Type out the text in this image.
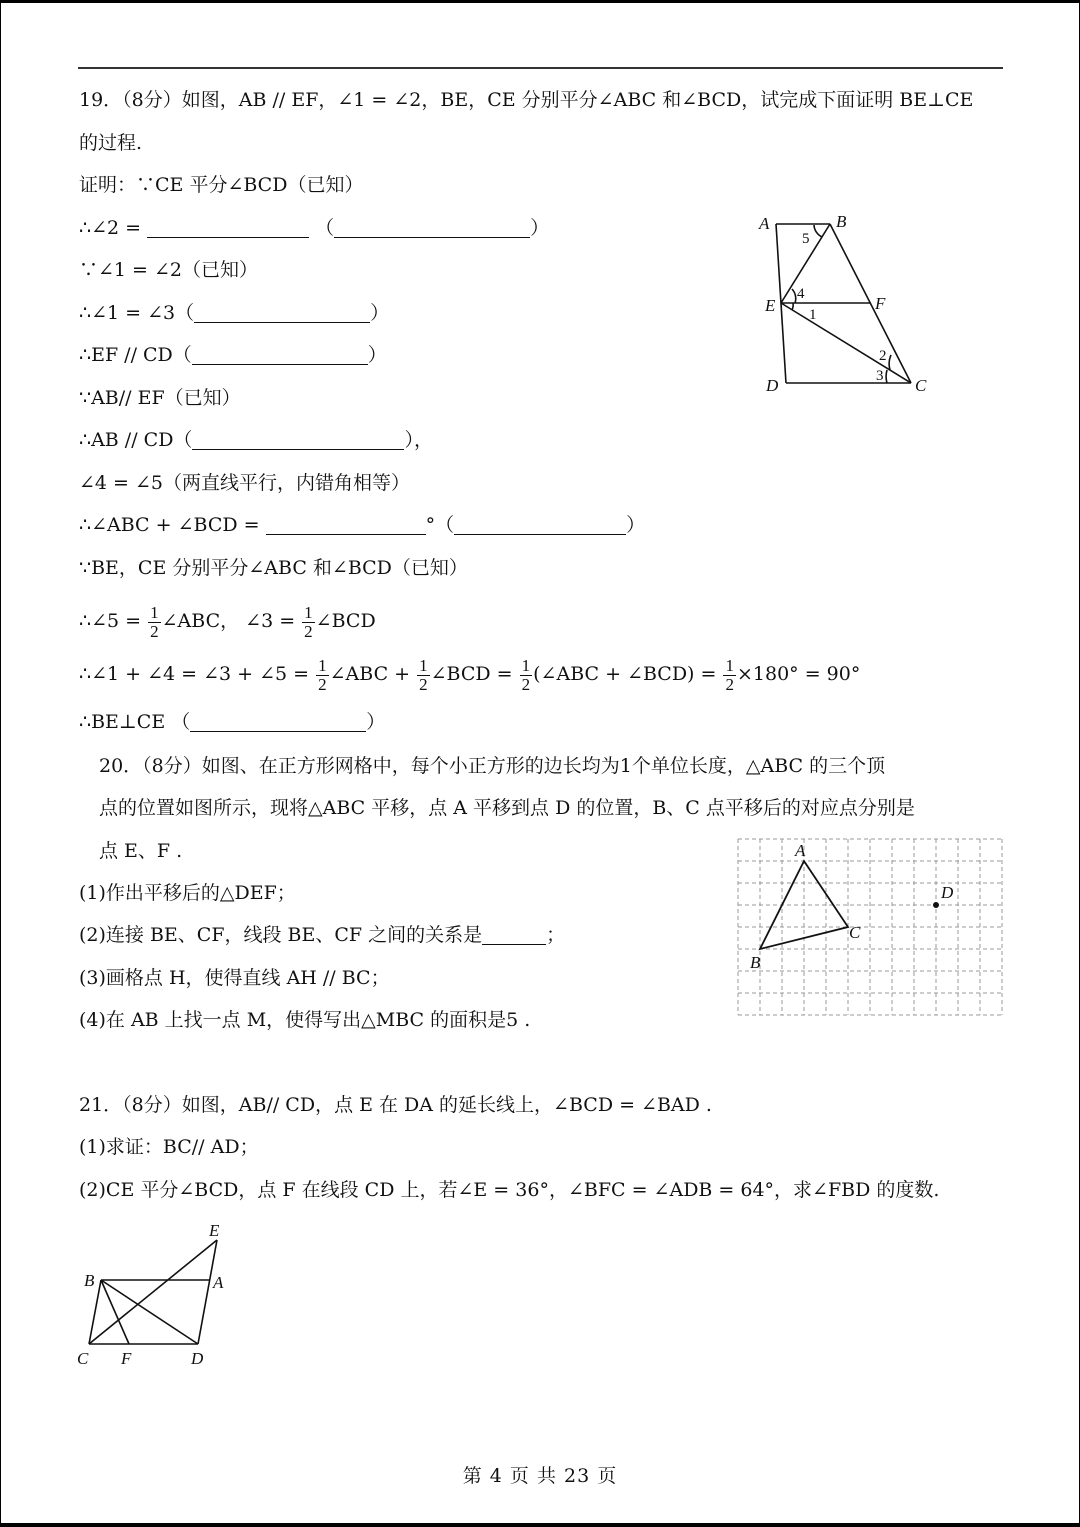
19．（8分）如图，AB // EF，∠1 = ∠2，BE，CE 分别平分∠ABC 和∠BCD，试完成下面证明 BE⊥CE
的过程.
证明：∵CE 平分∠BCD（已知）
∴∠2 =	（	）
∵∠1 = ∠2（已知）
∴∠1 = ∠3（	）
∴EF // CD（	）
∵AB// EF（已知）
∴AB // CD（	），
∠4 = ∠5（两直线平行，内错角相等）
∴∠ABC + ∠BCD =	°（	）
∵BE，CE 分别平分∠ABC 和∠BCD（已知）
∴∠5 = $\frac{1}{2}$ ∠ABC， ∠3 = $\frac{1}{2}$ ∠BCD
∴∠1 + ∠4 = ∠3 + ∠5 = $\frac{1}{2}$ ∠ABC + $\frac{1}{2}$ ∠BCD = $\frac{1}{2}$ (∠ABC + ∠BCD) = $\frac{1}{2} \times 180^\circ = 90^\circ$
∴BE⊥CE （	）
A	B
E	F
D	C
5
4
1
2
3
20．（8分）如图、在正方形网格中，每个小正方形的边长均为1个单位长度，△ABC 的三个顶
点的位置如图所示，现将△ABC 平移，点 A 平移到点 D 的位置，B、C 点平移后的对应点分别是
点 E、F .
(1)作出平移后的△DEF；
(2)连接 BE、CF，线段 BE、CF 之间的关系是	；
(3)画格点 H，使得直线 AH // BC；
(4)在 AB 上找一点 M，使得写出△MBC 的面积是5 .
A
B
C
D
21．（8分）如图，AB// CD，点 E 在 DA 的延长线上，∠BCD = ∠BAD .
(1)求证：BC// AD；
(2)CE 平分∠BCD，点 F 在线段 CD 上，若∠E = 36°，∠BFC = ∠ADB = 64°，求∠FBD 的度数.
E
B	A
C F	D
第 4 页 共 23 页
